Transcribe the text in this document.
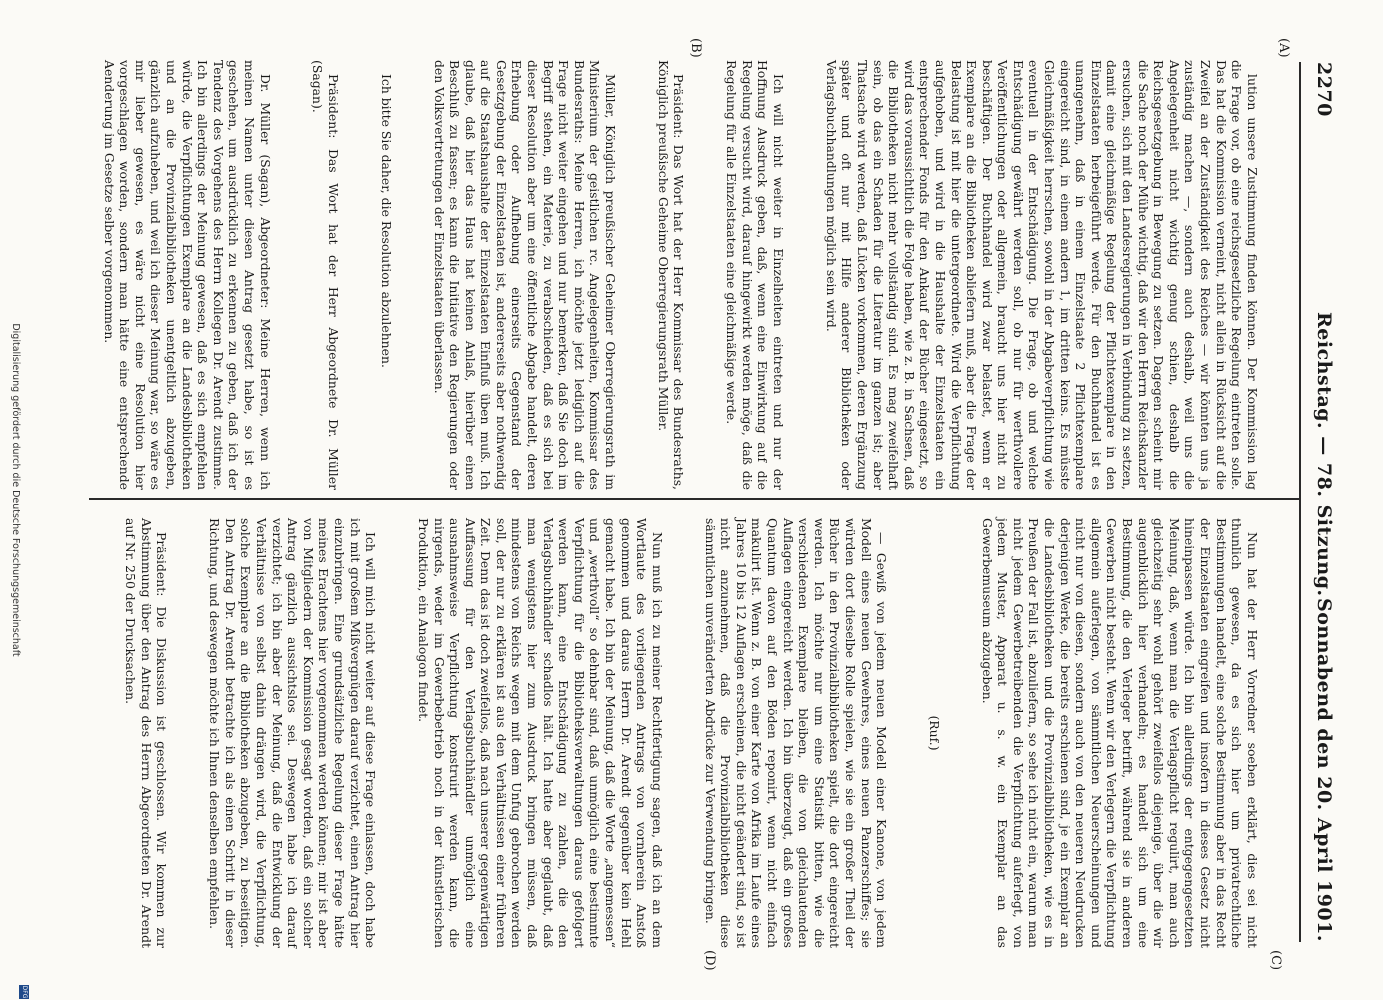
2270
Reichstag. — 78. Sitzung.
Sonnabend den 20. April 1901.
(A)
(B)
(C)
(D)

lution unsere Zustimmung finden können. Der Kommission lag die Frage vor, ob eine reichsgesetzliche Regelung eintreten solle. Das hat die Kommission verneint, nicht allein in Rücksicht auf die Zweifel an der Zuständigkeit des Reiches — wir könnten uns ja zuständig machen —, sondern auch deshalb, weil uns die Angelegenheit nicht wichtig genug schien, deshalb die Reichsgesetzgebung in Bewegung zu setzen. Dagegen scheint mir die Sache noch der Mühe wichtig, daß wir den Herrn Reichskanzler ersuchen, sich mit den Landesregierungen in Verbindung zu setzen, damit eine gleichmäßige Regelung der Pflichtexemplare in den Einzelstaaten herbeigeführt werde. Für den Buchhandel ist es unangenehm, daß in einem Einzelstaate 2 Pflichtexemplare eingereicht sind, in einem andern 1, im dritten keins. Es müsste Gleichmäßigkeit herrschen, sowohl in der Abgabeverpflichtung wie eventuell in der Entschädigung. Die Frage, ob und welche Entschädigung gewährt werden soll, ob nur für werthvollere Veröffentlichungen oder allgemein, braucht uns hier nicht zu beschäftigen. Der Buchhandel wird zwar belastet, wenn er Exemplare an die Bibliotheken abliefern muß, aber die Frage der Belastung ist mit hier die untergeordnete. Wird die Verpflichtung aufgehoben, und wird in die Haushalte der Einzelstaaten ein entsprechender Fonds für den Ankauf der Bücher eingesetzt, so wird das voraussichtlich die Folge haben, wie z. B. in Sachsen, daß die Bibliotheken nicht mehr vollständig sind. Es mag zweifelhaft sein, ob das ein Schaden für die Literatur im ganzen ist; aber Thatsache wird werden, daß Lücken vorkommen, deren Ergänzung später und oft nur mit Hilfe anderer Bibliotheken oder Verlagsbuchhandlungen möglich sein wird.

Ich will nicht weiter in Einzelheiten eintreten und nur der Hoffnung Ausdruck geben, daß, wenn eine Einwirkung auf die Regelung versucht wird, darauf hingewirkt werden möge, daß die Regelung für alle Einzelstaaten eine gleichmäßige werde.

Präsident: Das Wort hat der Herr Kommissar des Bundesraths, Königlich preußische Geheime Oberregierungsrath Müller.

Müller, Königlich preußischer Geheimer Oberregierungsrath im Ministerium der geistlichen rc. Angelegenheiten, Kommissar des Bundesraths: Meine Herren, ich möchte jetzt lediglich auf die Frage nicht weiter eingehen und nur bemerken, daß Sie doch im Begriff stehen, ein Materie, zu verabschieden, daß es sich bei dieser Resolution aber um eine öffentliche Abgabe handelt, deren Erhebung oder Aufhebung einerseits Gegenstand der Gesetzgebung der Einzelstaaten ist, andererseits aber nothwendig auf die Staatshaushalte der Einzelstaaten Einfluß üben muß. Ich glaube, daß hier das Haus hat keinen Anlaß, hierüber einen Beschluß zu fassen; es kann die Initiative den Regierungen oder den Volksvertretungen der Einzelstaaten überlassen.

Ich bitte Sie daher, die Resolution abzulehnen.

Präsident: Das Wort hat der Herr Abgeordnete Dr. Müller (Sagan).

Dr. Müller (Sagan), Abgeordneter: Meine Herren, wenn ich meinen Namen unter diesen Antrag gesetzt habe, so ist es geschehen, um ausdrücklich zu erkennen zu geben, daß ich der Tendenz des Vorgehens des Herrn Kollegen Dr. Arendt zustimme. Ich bin allerdings der Meinung gewesen, daß es sich empfehlen würde, die Verpflichtungen Exemplare an die Landesbibliotheken und an die Provinzialbibliotheken unentgeltlich abzugeben, gänzlich aufzuheben, und weil ich dieser Meinung war, so wäre es mir lieber gewesen, es wäre nicht eine Resolution hier vorgeschlagen worden, sondern man hätte eine entsprechende Aenderung im Gesetze selber vorgenommen.

Nun hat der Herr Vorredner soeben erklärt, dies sei nicht thunlich gewesen, da es sich hier um privatrechtliche Bestimmungen handelt, eine solche Bestimmung aber in das Recht der Einzelstaaten eingreifen und insofern in dieses Gesetz nicht hineinpassen würde. Ich bin allerdings der entgegengesetzten Meinung, daß, wenn man die Verlagspflicht regulirt, man auch gleichzeitig sehr wohl gehört zweifellos diejenige, über die wir augenblicklich hier verhandeln; es handelt sich um eine Bestimmung, die den Verleger betrifft, während sie in anderen Gewerben nicht besteht. Wenn wir den Verlegern die Verpflichtung allgemein auferlegen, von sämmtlichen Neuerscheinungen und nicht nur von diesen, sondern auch von den neueren Neudrucken derjenigen Werke, die bereits erschienen sind, je ein Exemplar an die Landesbibliotheken und die Provinzialbibliotheken, wie es in Preußen der Fall ist, abzuliefern, so sehe ich nicht ein, warum man nicht jedem Gewerbetreibenden die Verpflichtung auferlegt, von jedem Muster, Apparat u. s. w. ein Exemplar an das Gewerbemuseum abzugeben.

(Ruf.)

— Gewiß von jedem neuen Modell einer Kanone, von jedem Modell eines neuen Gewehres, eines neuen Panzerschiffes; sie würden dort dieselbe Rolle spielen, wie sie ein großer Theil der Bücher in den Provinzialbibliotheken spielt, die dort eingereicht werden. Ich möchte nur um eine Statistik bitten, wie die verschiedenen Exemplare bleiben, die von gleichlautenden Auflagen eingereicht werden. Ich bin überzeugt, daß ein großes Quantum davon auf den Böden reponirt, wenn nicht einfach makulirt ist. Wenn z. B. von einer Karte von Afrika im Laufe eines Jahres 10 bis 12 Auflagen erscheinen, die nicht geändert sind, so ist nicht anzunehmen, daß die Provinzialbibliotheken diese sämmtlichen unveränderten Abdrücke zur Verwendung bringen.

Nun muß ich zu meiner Rechtfertigung sagen, daß ich an dem Wortlaute des vorliegenden Antrags von vornherein Anstoß genommen und daraus Herrn Dr. Arendt gegenüber kein Hehl gemacht habe. Ich bin der Meinung, daß die Worte „angemessen“ und „werthvoll“ so dehnbar sind, daß unmöglich eine bestimmte Verpflichtung für die Bibliotheksverwaltungen daraus gefolgert werden kann, eine Entschädigung zu zahlen, die den Verlagsbuchhändler schadlos hält. Ich hatte aber geglaubt, daß man wenigstens hier zum Ausdruck bringen müssen, daß mindestens von Reichs wegen mit dem Unfug gebrochen werden soll, der nur zu erklären ist aus den Verhältnissen einer früheren Zeit. Denn das ist doch zweifellos, daß nach unserer gegenwärtigen Auffassung für den Verlagsbuchhändler unmöglich eine ausnahmsweise Verpflichtung konstruirt werden kann, die nirgends, weder im Gewerbebetrieb noch in der künstlerischen Produktion, ein Analogon findet.

Ich will mich nicht weiter auf diese Frage einlassen, doch habe ich mit großem Mißvergnügen darauf verzichtet, einen Antrag hier einzubringen. Eine grundsätzliche Regelung dieser Frage hätte meines Erachtens hier vorgenommen werden können; mir ist aber von Mitgliedern der Kommission gesagt worden, daß ein solcher Antrag gänzlich aussichtslos sei. Deswegen habe ich darauf verzichtet; ich bin aber der Meinung, daß die Entwicklung der Verhältnisse von selbst dahin drängen wird, die Verpflichtung, solche Exemplare an die Bibliotheken abzugeben, zu beseitigen. Den Antrag Dr. Arendt betrachte ich als einen Schritt in dieser Richtung, und deswegen möchte ich Ihnen denselben empfehlen.

Präsident: Die Diskussion ist geschlossen. Wir kommen zur Abstimmung über den Antrag des Herrn Abgeordneten Dr. Arendt auf Nr. 250 der Drucksachen.

Digitalisierung gefördert durch die Deutsche Forschungsgemeinschaft
DFG
